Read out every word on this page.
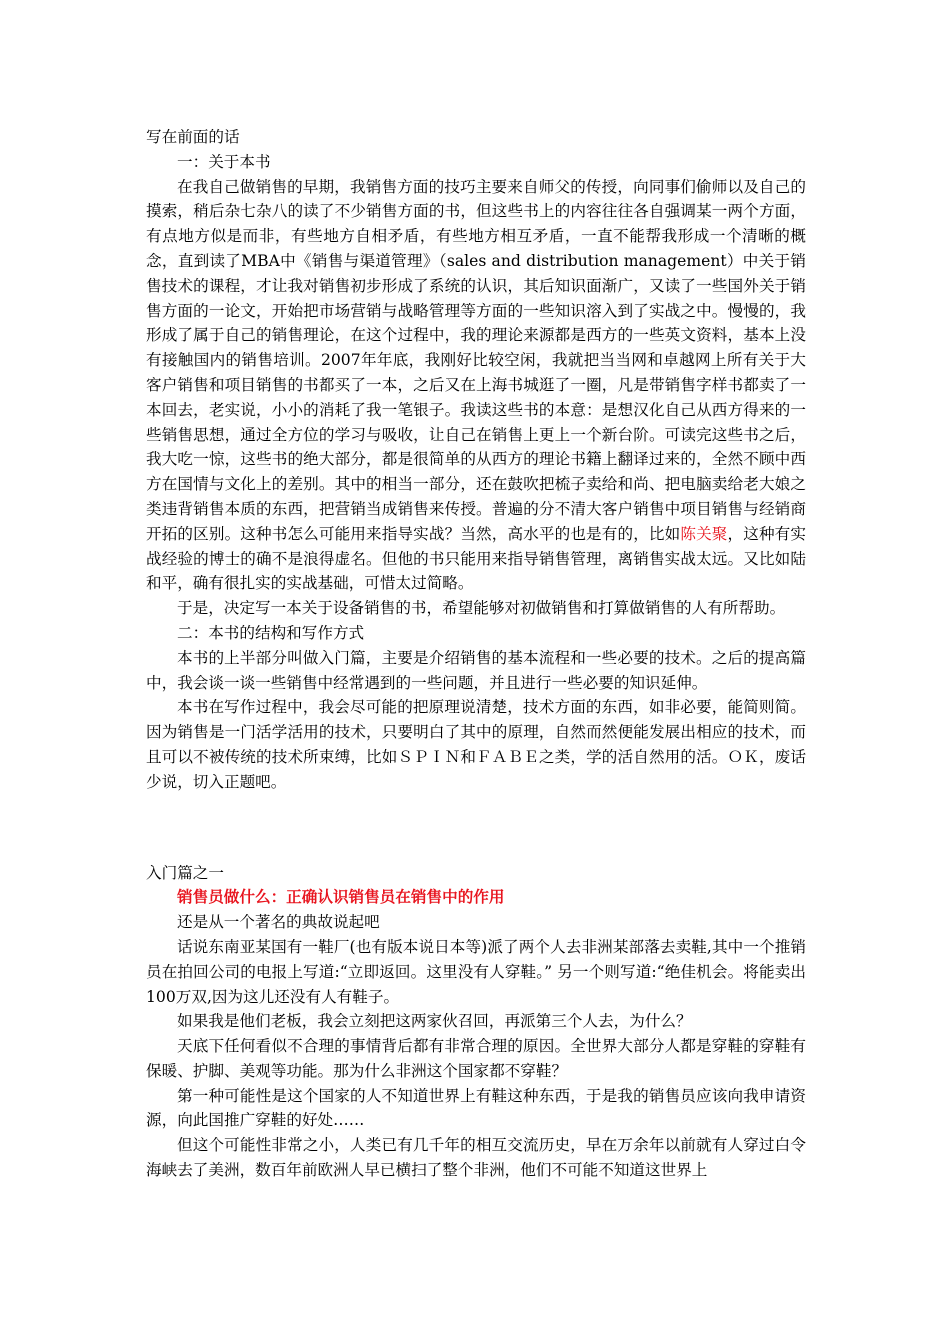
写在前面的话

一：关于本书

在我自己做销售的早期，我销售方面的技巧主要来自师父的传授，向同事们偷师以及自己的摸索，稍后杂七杂八的读了不少销售方面的书，但这些书上的内容往往各自强调某一两个方面，有点地方似是而非，有些地方自相矛盾，有些地方相互矛盾，一直不能帮我形成一个清晰的概念，直到读了MBA中《销售与渠道管理》（sales and distribution management）中关于销售技术的课程，才让我对销售初步形成了系统的认识，其后知识面渐广，又读了一些国外关于销售方面的一论文，开始把市场营销与战略管理等方面的一些知识溶入到了实战之中。慢慢的，我形成了属于自己的销售理论，在这个过程中，我的理论来源都是西方的一些英文资料，基本上没有接触国内的销售培训。2007年年底，我刚好比较空闲，我就把当当网和卓越网上所有关于大客户销售和项目销售的书都买了一本，之后又在上海书城逛了一圈，凡是带销售字样书都卖了一本回去，老实说，小小的消耗了我一笔银子。我读这些书的本意：是想汉化自己从西方得来的一些销售思想，通过全方位的学习与吸收，让自己在销售上更上一个新台阶。可读完这些书之后，我大吃一惊，这些书的绝大部分，都是很简单的从西方的理论书籍上翻译过来的，全然不顾中西方在国情与文化上的差别。其中的相当一部分，还在鼓吹把梳子卖给和尚、把电脑卖给老大娘之类违背销售本质的东西，把营销当成销售来传授。普遍的分不清大客户销售中项目销售与经销商开拓的区别。这种书怎么可能用来指导实战？当然，高水平的也是有的，比如陈关聚，这种有实战经验的博士的确不是浪得虚名。但他的书只能用来指导销售管理，离销售实战太远。又比如陆和平，确有很扎实的实战基础，可惜太过简略。

于是，决定写一本关于设备销售的书，希望能够对初做销售和打算做销售的人有所帮助。

二：本书的结构和写作方式

本书的上半部分叫做入门篇，主要是介绍销售的基本流程和一些必要的技术。之后的提高篇中，我会谈一谈一些销售中经常遇到的一些问题，并且进行一些必要的知识延伸。

本书在写作过程中，我会尽可能的把原理说清楚，技术方面的东西，如非必要，能简则简。因为销售是一门活学活用的技术，只要明白了其中的原理，自然而然便能发展出相应的技术，而且可以不被传统的技术所束缚，比如ＳＰＩＮ和ＦＡＢＥ之类，学的活自然用的活。ＯＫ，废话少说，切入正题吧。

入门篇之一

销售员做什么：正确认识销售员在销售中的作用

还是从一个著名的典故说起吧

话说东南亚某国有一鞋厂(也有版本说日本等)派了两个人去非洲某部落去卖鞋,其中一个推销员在拍回公司的电报上写道:“立即返回。这里没有人穿鞋。” 另一个则写道:“绝佳机会。将能卖出100万双,因为这儿还没有人有鞋子。

如果我是他们老板，我会立刻把这两家伙召回，再派第三个人去，为什么？

天底下任何看似不合理的事情背后都有非常合理的原因。全世界大部分人都是穿鞋的穿鞋有保暖、护脚、美观等功能。那为什么非洲这个国家都不穿鞋？

第一种可能性是这个国家的人不知道世界上有鞋这种东西，于是我的销售员应该向我申请资源，向此国推广穿鞋的好处……

但这个可能性非常之小，人类已有几千年的相互交流历史，早在万余年以前就有人穿过白令海峡去了美洲，数百年前欧洲人早已横扫了整个非洲，他们不可能不知道这世界上
